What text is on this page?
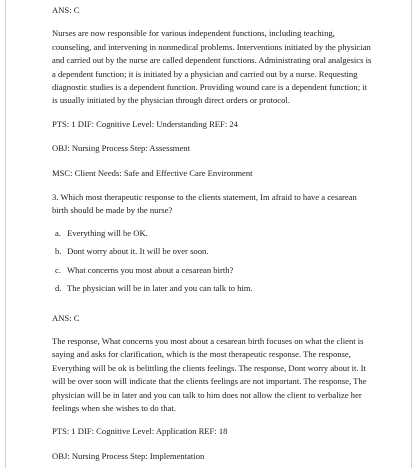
ANS: C

Nurses are now responsible for various independent functions, including teaching, counseling, and intervening in nonmedical problems. Interventions initiated by the physician and carried out by the nurse are called dependent functions. Administrating oral analgesics is a dependent function; it is initiated by a physician and carried out by a nurse. Requesting diagnostic studies is a dependent function. Providing wound care is a dependent function; it is usually initiated by the physician through direct orders or protocol.

PTS: 1 DIF: Cognitive Level: Understanding REF: 24

OBJ: Nursing Process Step: Assessment

MSC: Client Needs: Safe and Effective Care Environment

3. Which most therapeutic response to the clients statement, Im afraid to have a cesarean birth should be made by the nurse?

a. Everything will be OK.
b. Dont worry about it. It will be over soon.
c. What concerns you most about a cesarean birth?
d. The physician will be in later and you can talk to him.

ANS: C

The response, What concerns you most about a cesarean birth focuses on what the client is saying and asks for clarification, which is the most therapeutic response. The response, Everything will be ok is belittling the clients feelings. The response, Dont worry about it. It will be over soon will indicate that the clients feelings are not important. The response, The physician will be in later and you can talk to him does not allow the client to verbalize her feelings when she wishes to do that.

PTS: 1 DIF: Cognitive Level: Application REF: 18

OBJ: Nursing Process Step: Implementation
